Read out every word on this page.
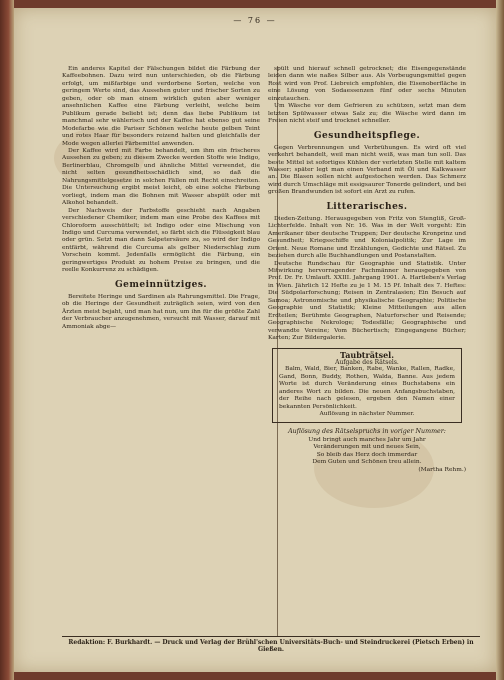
— 76 —

Ein anderes Kapitel der Fälschungen bildet die Färbung der Kaffeebohnen. Dazu wird nun unterschieden, ob die Färbung erfolgt, um mißfarbige und verdorbene Sorten, welche von geringem Werte sind, das Aussehen guter und frischer Sorten zu geben, oder ob man einem wirklich guten aber weniger ansehnlichen Kaffee eine Färbung verleiht, welche beim Publikum gerade beliebt ist; denn das liebe Publikum ist manchmal sehr wählerisch und der Kaffee hat ebenso gut seine Modefarbe wie die Pariser Schönen welche heute gelben Teint und rotes Haar für besonders reizend halten und gleichfalls der Mode wegen allerlei Färbemittel anwenden.

Der Kaffee wird mit Farbe behandelt, um ihm ein frischeres Aussehen zu geben; zu diesem Zwecke werden Stoffe wie Indigo, Berlinerblau, Chromgelb und ähnliche Mittel verwendet, die nicht selten gesundheitsschädlich sind, so daß die Nahrungsmittelgesetze in solchen Fällen mit Recht einschreiten. Die Untersuchung ergibt meist leicht, ob eine solche Färbung vorliegt, indem man die Bohnen mit Wasser abspült oder mit Alkohol behandelt.

Der Nachweis der Farbstoffe geschieht nach Angaben verschiedener Chemiker, indem man eine Probe des Kaffees mit Chloroform ausschüttelt; ist Indigo oder eine Mischung von Indigo und Curcuma verwendet, so färbt sich die Flüssigkeit blau oder grün. Setzt man dann Salpetersäure zu, so wird der Indigo entfärbt, während die Curcuma als gelber Niederschlag zum Vorschein kommt. Jedenfalls ermöglicht die Färbung, ein geringwertiges Produkt zu hohem Preise zu bringen, und die reelle Konkurrenz zu schädigen.

Gemeinnütziges.

Bereitete Heringe und Sardinen als Rahrungsmittel. Die Frage, ob die Heringe der Gesundheit zuträglich seien, wird von den Ärzten meist bejaht, und man hat nun, um ihn für die größte Zahl der Verbraucher anzugenehmen, versucht mit Wasser, darauf mit Ammoniak abge—

spült und hierauf schnell getrocknet; die Eisengegenstände leiden dann wie naßes Silber aus. Als Vorbeugungsmittel gegen Rost wird von Prof. Liebreich empfohlen, die Eisenoberfläche in eine Lösung von Sodaessenzen fünf oder sechs Minuten einzutauchen.

Um Wäsche vor dem Gefrieren zu schützen, setzt man dem letzten Spülwasser etwas Salz zu; die Wäsche wird dann im Freien nicht steif und trocknet schneller.

Gesundheitspflege.

Gegen Verbrennungen und Verbrühungen. Es wird oft viel verkehrt behandelt, weil man nicht weiß, was man tun soll. Das beste Mittel ist sofortiges Kühlen der verletzten Stelle mit kaltem Wasser; später legt man einen Verband mit Öl und Kalkwasser an. Die Blasen sollen nicht aufgestochen werden. Das Schmerz wird durch Umschläge mit essigsaurer Tonerde gelindert, und bei großen Brandwunden ist sofort ein Arzt zu rufen.

Litterarisches.

Dieden-Zeitung. Herausgegeben von Fritz von Stengliß, Groß-Lichterfelde. Inhalt von Nr. 16. Was in der Welt vorgeht: Ein Amerikaner über deutsche Truppen; Der deutsche Kronprinz und Gesundheit; Kriegsschiffe und Kolonialpolitik; Zur Lage im Orient. Neue Romane und Erzählungen, Gedichte und Rätsel. Zu beziehen durch alle Buchhandlungen und Postanstalten.

Deutsche Rundschau für Geographie und Statistik. Unter Mitwirkung hervorragender Fachmänner herausgegeben von Prof. Dr. Fr. Umlauft. XXIII. Jahrgang 1901. A. Hartleben's Verlag in Wien. Jährlich 12 Hefte zu je 1 M. 15 Pf. Inhalt des 7. Heftes: Die Südpolarforschung; Reisen in Zentralasien; Ein Besuch auf Samoa; Astronomische und physikalische Geographie; Politische Geographie und Statistik; Kleine Mitteilungen aus allen Erdteilen; Berühmte Geographen, Naturforscher und Reisende; Geographische Nekrologe; Todesfälle; Geographische und verwandte Vereine; Vom Büchertisch; Eingegangene Bücher; Karten; Zur Bildergalerie.

Taubträtsel.
Aufgabe des Rätsels.

Balm, Wald, Bier, Banken, Rabe, Wanke, Rallen, Radke, Gand, Bonn, Buddy, Rothen, Walda, Banne. Aus jedem Worte ist durch Veränderung eines Buchstabens ein anderes Wort zu bilden. Die neuen Anfangsbuchstaben, der Reihe nach gelesen, ergeben den Namen einer bekannten Persönlichkeit.

Auflösung in nächster Nummer.
Auflösung des Rätselspruchs in voriger Nummer:
Und bringt auch manches Jahr um Jahr
Veränderungen mit und neues Sein,
So bleib das Herz doch immerdar
Dem Guten und Schönen treu allein.
(Martha Rehm.)
Redaktion: F. Burkhardt. — Druck und Verlag der Brühl'schen Universitäts-Buch- und Steindruckerei (Pietsch Erben) in Gießen.
